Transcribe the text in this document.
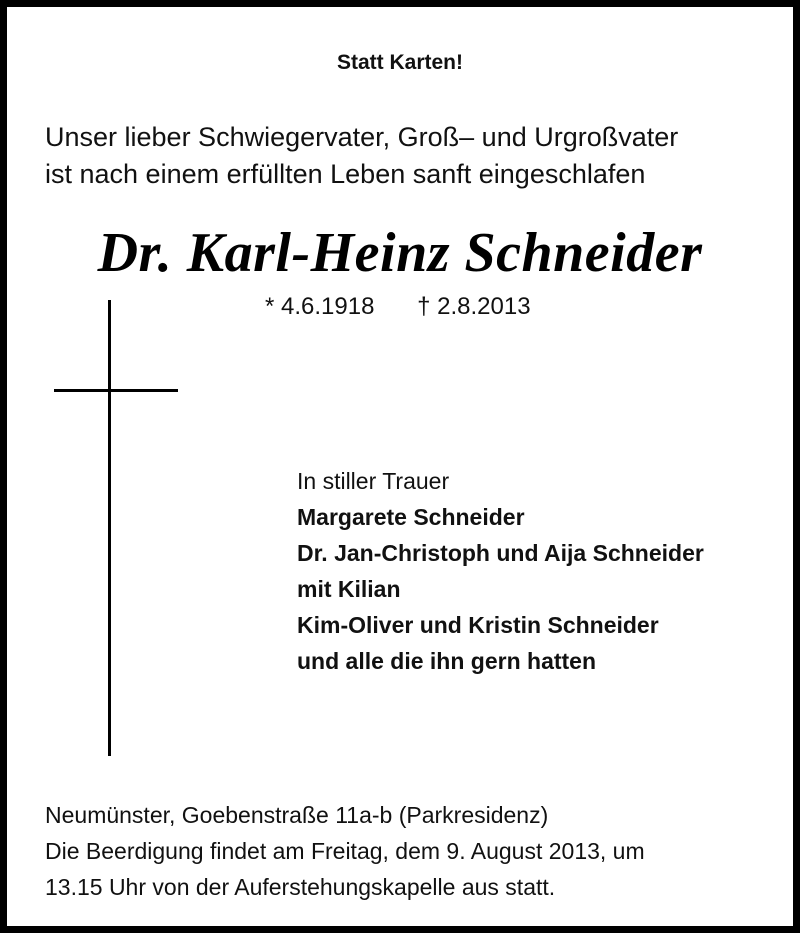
Statt Karten!
Unser lieber Schwiegervater, Groß– und Urgroßvater
ist nach einem erfüllten Leben sanft eingeschlafen
Dr. Karl-Heinz Schneider
* 4.6.1918 † 2.8.2013
In stiller Trauer
Margarete Schneider
Dr. Jan-Christoph und Aija Schneider
mit Kilian
Kim-Oliver und Kristin Schneider
und alle die ihn gern hatten
Neumünster, Goebenstraße 11a-b (Parkresidenz)
Die Beerdigung findet am Freitag, dem 9. August 2013, um
13.15 Uhr von der Auferstehungskapelle aus statt.
